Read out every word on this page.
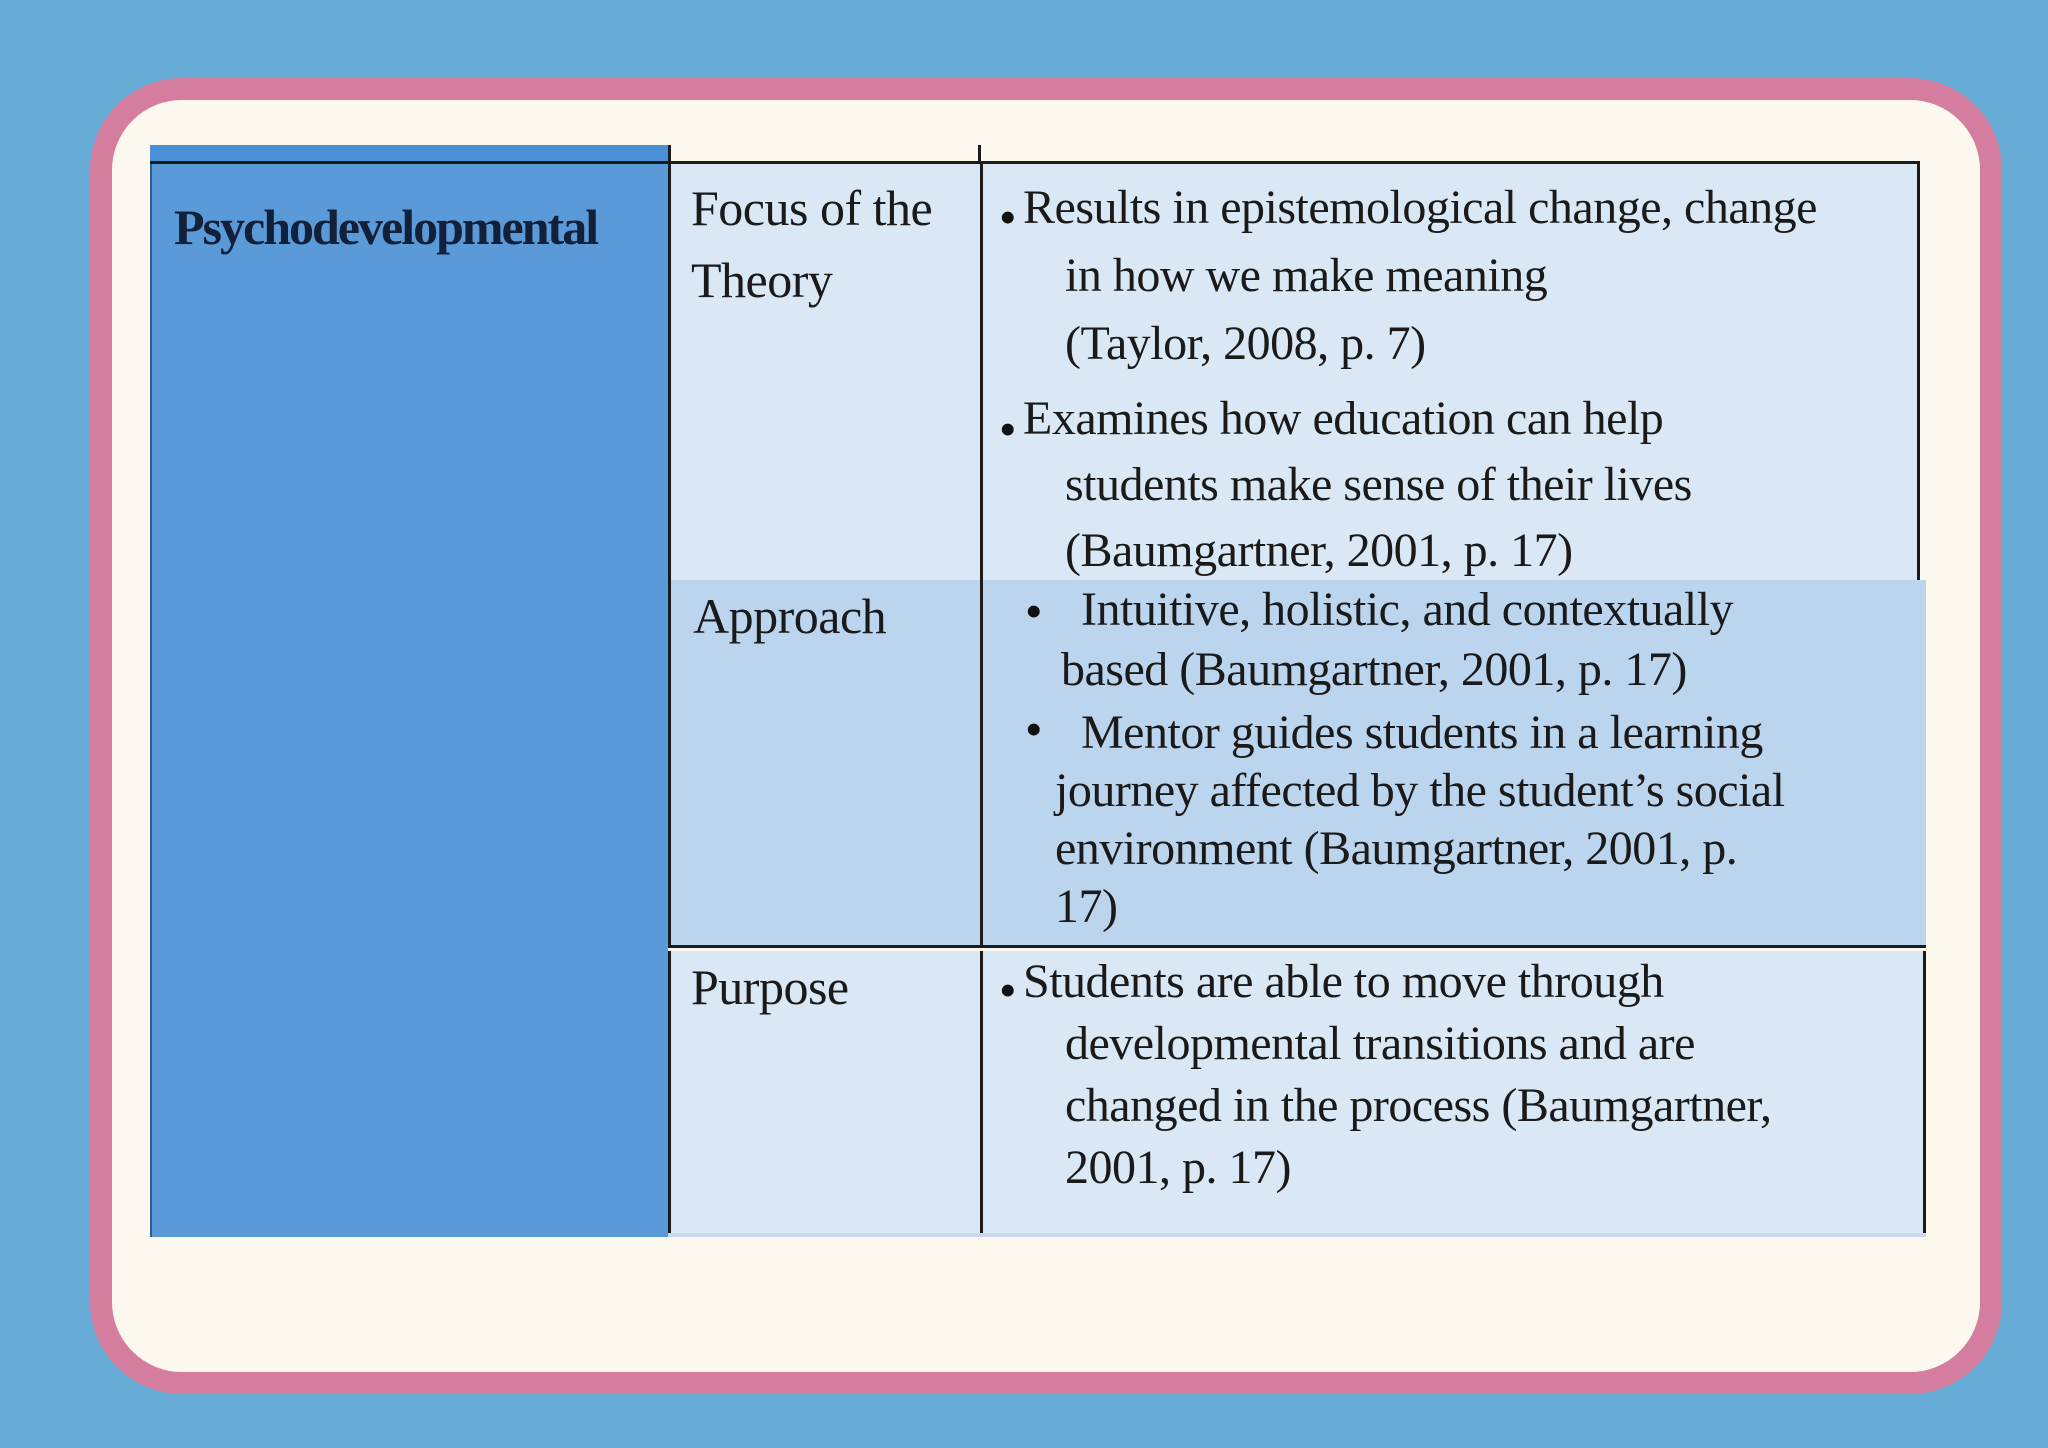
Psychodevelopmental Focus of the
Theory
• Results in epistemological change, change
in how we make meaning
(Taylor, 2008, p. 7)
• Examines how education can help
students make sense of their lives
(Baumgartner, 2001, p. 17)
Approach	• Intuitive, holistic, and contextually
based (Baumgartner, 2001, p. 17)
• Mentor guides students in a learning
journey affected by the student’s social
environment (Baumgartner, 2001, p.
17)
Purpose	• Students are able to move through
developmental transitions and are
changed in the process (Baumgartner,
2001, p. 17)
